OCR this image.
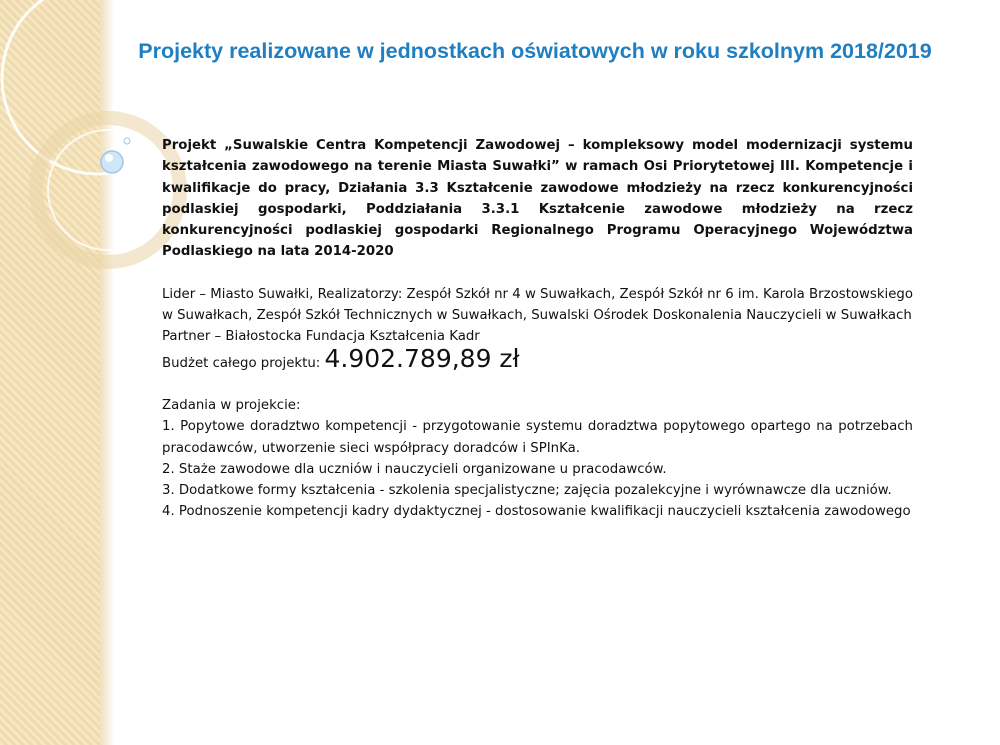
Projekty realizowane w jednostkach oświatowych w roku szkolnym 2018/2019

Projekt „Suwalskie Centra Kompetencji Zawodowej – kompleksowy model modernizacji systemu kształcenia zawodowego na terenie Miasta Suwałki” w ramach Osi Priorytetowej III. Kompetencje i kwalifikacje do pracy, Działania 3.3 Kształcenie zawodowe młodzieży na rzecz konkurencyjności podlaskiej gospodarki, Poddziałania 3.3.1 Kształcenie zawodowe młodzieży na rzecz konkurencyjności podlaskiej gospodarki Regionalnego Programu Operacyjnego Województwa Podlaskiego na lata 2014-2020

Lider – Miasto Suwałki, Realizatorzy: Zespół Szkół nr 4 w Suwałkach, Zespół Szkół nr 6 im. Karola Brzostowskiego w Suwałkach, Zespół Szkół Technicznych w Suwałkach, Suwalski Ośrodek Doskonalenia Nauczycieli w Suwałkach

Partner – Białostocka Fundacja Kształcenia Kadr

Budżet całego projektu: 4.902.789,89 zł

Zadania w projekcie:

1. Popytowe doradztwo kompetencji - przygotowanie systemu doradztwa popytowego opartego na potrzebach pracodawców, utworzenie sieci współpracy doradców i SPInKa.

2. Staże zawodowe dla uczniów i nauczycieli organizowane u pracodawców.

3. Dodatkowe formy kształcenia - szkolenia specjalistyczne; zajęcia pozalekcyjne i wyrównawcze dla uczniów.

4. Podnoszenie kompetencji kadry dydaktycznej - dostosowanie kwalifikacji nauczycieli kształcenia zawodowego
